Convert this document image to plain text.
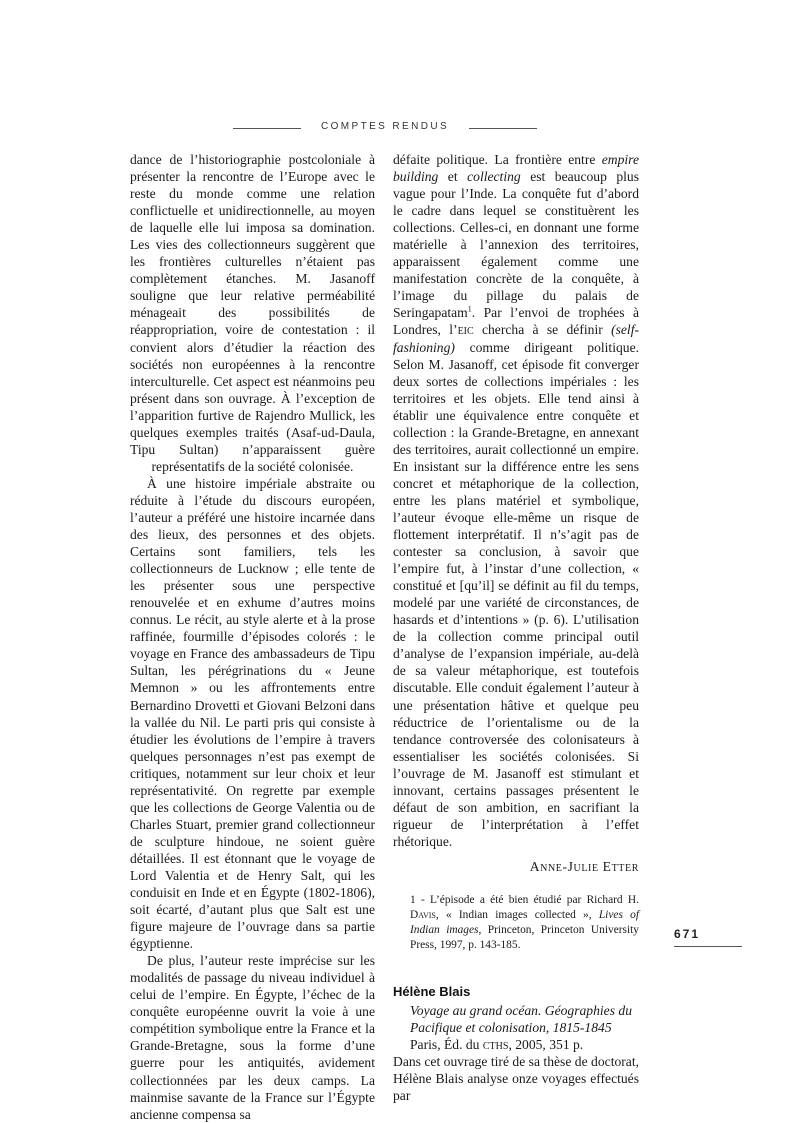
COMPTES RENDUS

dance de l’historiographie postcoloniale à présenter la rencontre de l’Europe avec le reste du monde comme une relation conflictuelle et unidirectionnelle, au moyen de laquelle elle lui imposa sa domination. Les vies des collectionneurs suggèrent que les frontières culturelles n’étaient pas complètement étanches. M. Jasanoff souligne que leur relative perméabilité ménageait des possibilités de réappropriation, voire de contestation : il convient alors d’étudier la réaction des sociétés non européennes à la rencontre interculturelle. Cet aspect est néanmoins peu présent dans son ouvrage. À l’exception de l’apparition furtive de Rajendro Mullick, les quelques exemples traités (Asaf-ud-Daula, Tipu Sultan) n’apparaissent guère représentatifs de la société colonisée.

À une histoire impériale abstraite ou réduite à l’étude du discours européen, l’auteur a préféré une histoire incarnée dans des lieux, des personnes et des objets. Certains sont familiers, tels les collectionneurs de Lucknow ; elle tente de les présenter sous une perspective renouvelée et en exhume d’autres moins connus. Le récit, au style alerte et à la prose raffinée, fourmille d’épisodes colorés : le voyage en France des ambassadeurs de Tipu Sultan, les pérégrinations du « Jeune Memnon » ou les affrontements entre Bernardino Drovetti et Giovani Belzoni dans la vallée du Nil. Le parti pris qui consiste à étudier les évolutions de l’empire à travers quelques personnages n’est pas exempt de critiques, notamment sur leur choix et leur représentativité. On regrette par exemple que les collections de George Valentia ou de Charles Stuart, premier grand collectionneur de sculpture hindoue, ne soient guère détaillées. Il est étonnant que le voyage de Lord Valentia et de Henry Salt, qui les conduisit en Inde et en Égypte (1802-1806), soit écarté, d’autant plus que Salt est une figure majeure de l’ouvrage dans sa partie égyptienne.

De plus, l’auteur reste imprécise sur les modalités de passage du niveau individuel à celui de l’empire. En Égypte, l’échec de la conquête européenne ouvrit la voie à une compétition symbolique entre la France et la Grande-Bretagne, sous la forme d’une guerre pour les antiquités, avidement collectionnées par les deux camps. La mainmise savante de la France sur l’Égypte ancienne compensa sa

défaite politique. La frontière entre empire building et collecting est beaucoup plus vague pour l’Inde. La conquête fut d’abord le cadre dans lequel se constituèrent les collections. Celles-ci, en donnant une forme matérielle à l’annexion des territoires, apparaissent également comme une manifestation concrète de la conquête, à l’image du pillage du palais de Seringapatam$^1$. Par l’envoi de trophées à Londres, l’eic chercha à se définir (self-fashioning) comme dirigeant politique. Selon M. Jasanoff, cet épisode fit converger deux sortes de collections impériales : les territoires et les objets. Elle tend ainsi à établir une équivalence entre conquête et collection : la Grande-Bretagne, en annexant des territoires, aurait collectionné un empire. En insistant sur la différence entre les sens concret et métaphorique de la collection, entre les plans matériel et symbolique, l’auteur évoque elle-même un risque de flottement interprétatif. Il n’s’agit pas de contester sa conclusion, à savoir que l’empire fut, à l’instar d’une collection, « constitué et [qu’il] se définit au fil du temps, modelé par une variété de circonstances, de hasards et d’intentions » (p. 6). L’utilisation de la collection comme principal outil d’analyse de l’expansion impériale, au-delà de sa valeur métaphorique, est toutefois discutable. Elle conduit également l’auteur à une présentation hâtive et quelque peu réductrice de l’orientalisme ou de la tendance controversée des colonisateurs à essentialiser les sociétés colonisées. Si l’ouvrage de M. Jasanoff est stimulant et innovant, certains passages présentent le défaut de son ambition, en sacrifiant la rigueur de l’interprétation à l’effet rhétorique.

Anne-Julie Etter
1 - L’épisode a été bien étudié par Richard H. Davis, « Indian images collected », Lives of Indian images, Princeton, Princeton University Press, 1997, p. 143-185.
Hélène Blais
Voyage au grand océan. Géographies du Pacifique et colonisation, 1815-1845
Paris, Éd. du cths, 2005, 351 p.

Dans cet ouvrage tiré de sa thèse de doctorat, Hélène Blais analyse onze voyages effectués par

671
